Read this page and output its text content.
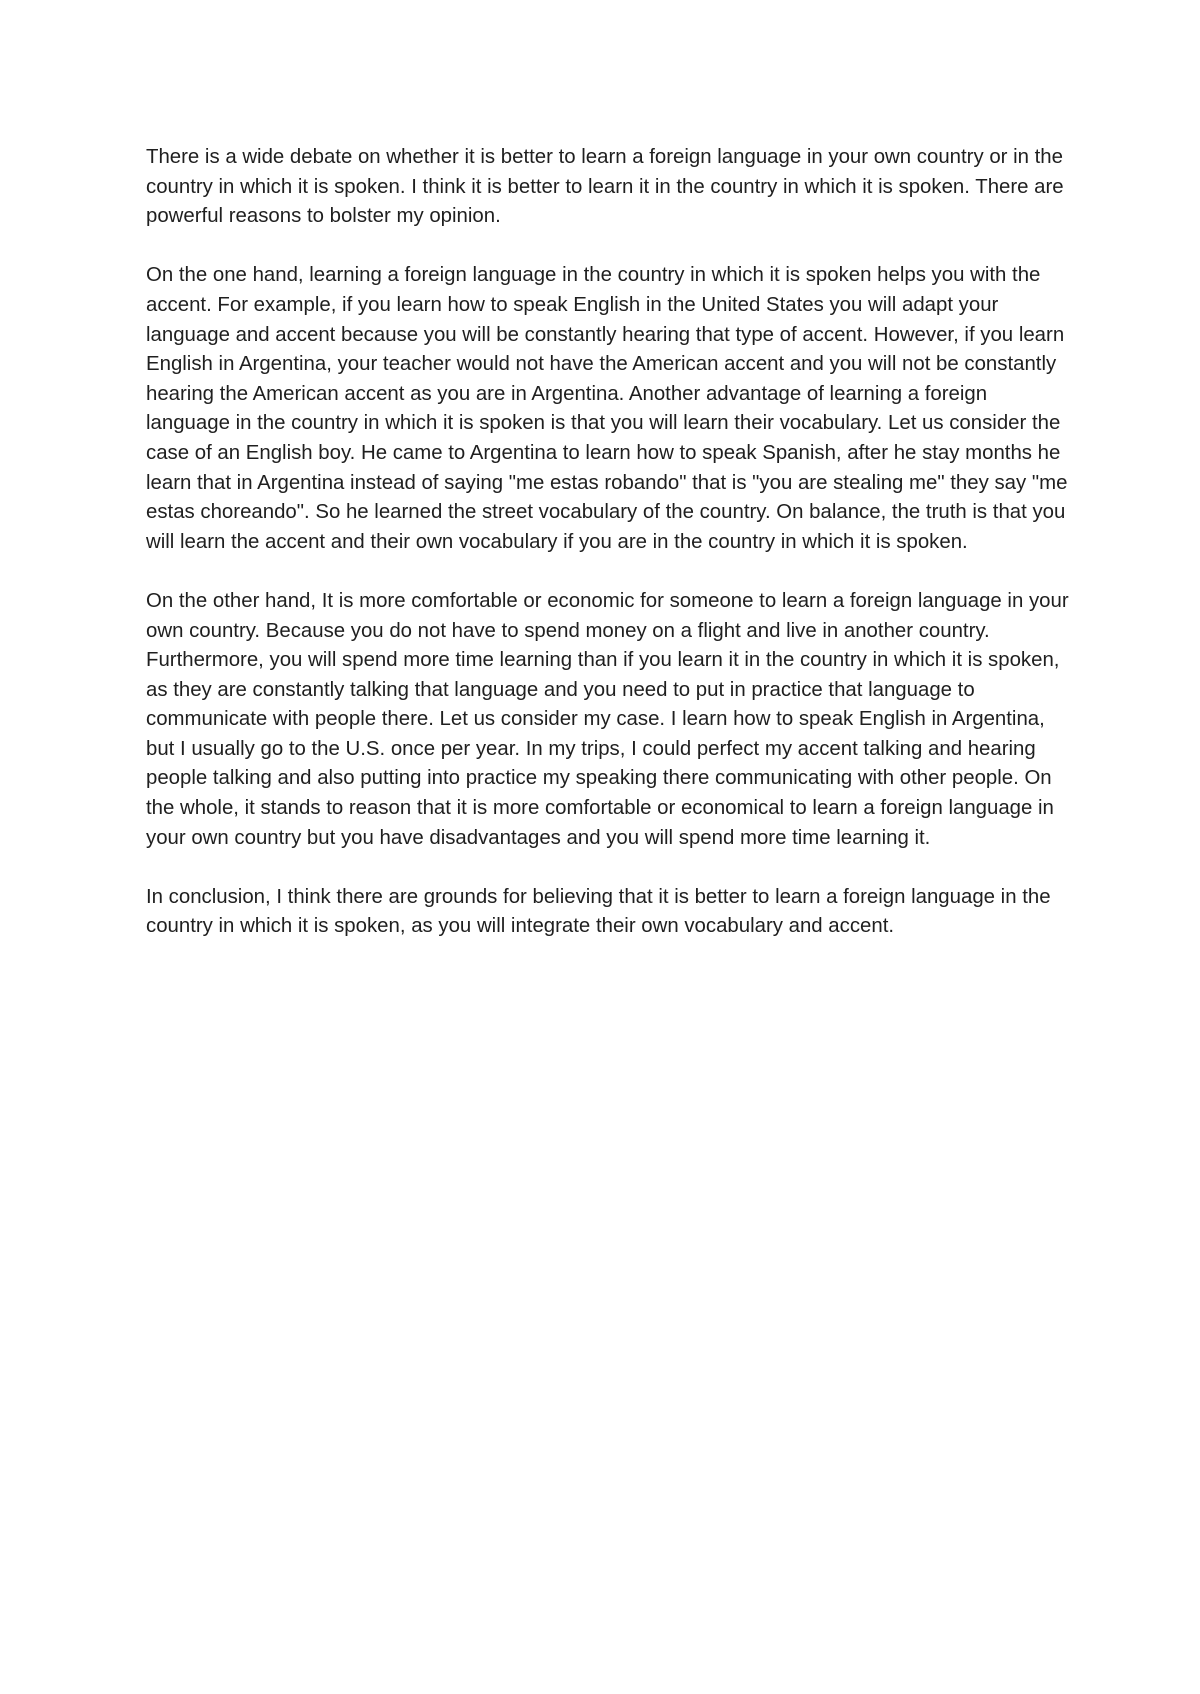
There is a wide debate on whether it is better to learn a foreign language in your own country or in the country in which it is spoken. I think it is better to learn it in the country in which it is spoken. There are powerful reasons to bolster my opinion.

On the one hand, learning a foreign language in the country in which it is spoken helps you with the accent. For example, if you learn how to speak English in the United States you will adapt your language and accent because you will be constantly hearing that type of accent. However, if you learn English in Argentina, your teacher would not have the American accent and you will not be constantly hearing the American accent as you are in Argentina. Another advantage of learning a foreign language in the country in which it is spoken is that you will learn their vocabulary. Let us consider the case of an English boy. He came to Argentina to learn how to speak Spanish, after he stay months he learn that in Argentina instead of saying "me estas robando" that is "you are stealing me" they say "me estas choreando". So he learned the street vocabulary of the country. On balance, the truth is that you will learn the accent and their own vocabulary if you are in the country in which it is spoken.

On the other hand, It is more comfortable or economic for someone to learn a foreign language in your own country. Because you do not have to spend money on a flight and live in another country. Furthermore, you will spend more time learning than if you learn it in the country in which it is spoken, as they are constantly talking that language and you need to put in practice that language to communicate with people there. Let us consider my case. I learn how to speak English in Argentina, but I usually go to the U.S. once per year. In my trips, I could perfect my accent talking and hearing people talking and also putting into practice my speaking there communicating with other people. On the whole, it stands to reason that it is more comfortable or economical to learn a foreign language in your own country but you have disadvantages and you will spend more time learning it.

In conclusion, I think there are grounds for believing that it is better to learn a foreign language in the country in which it is spoken, as you will integrate their own vocabulary and accent.
